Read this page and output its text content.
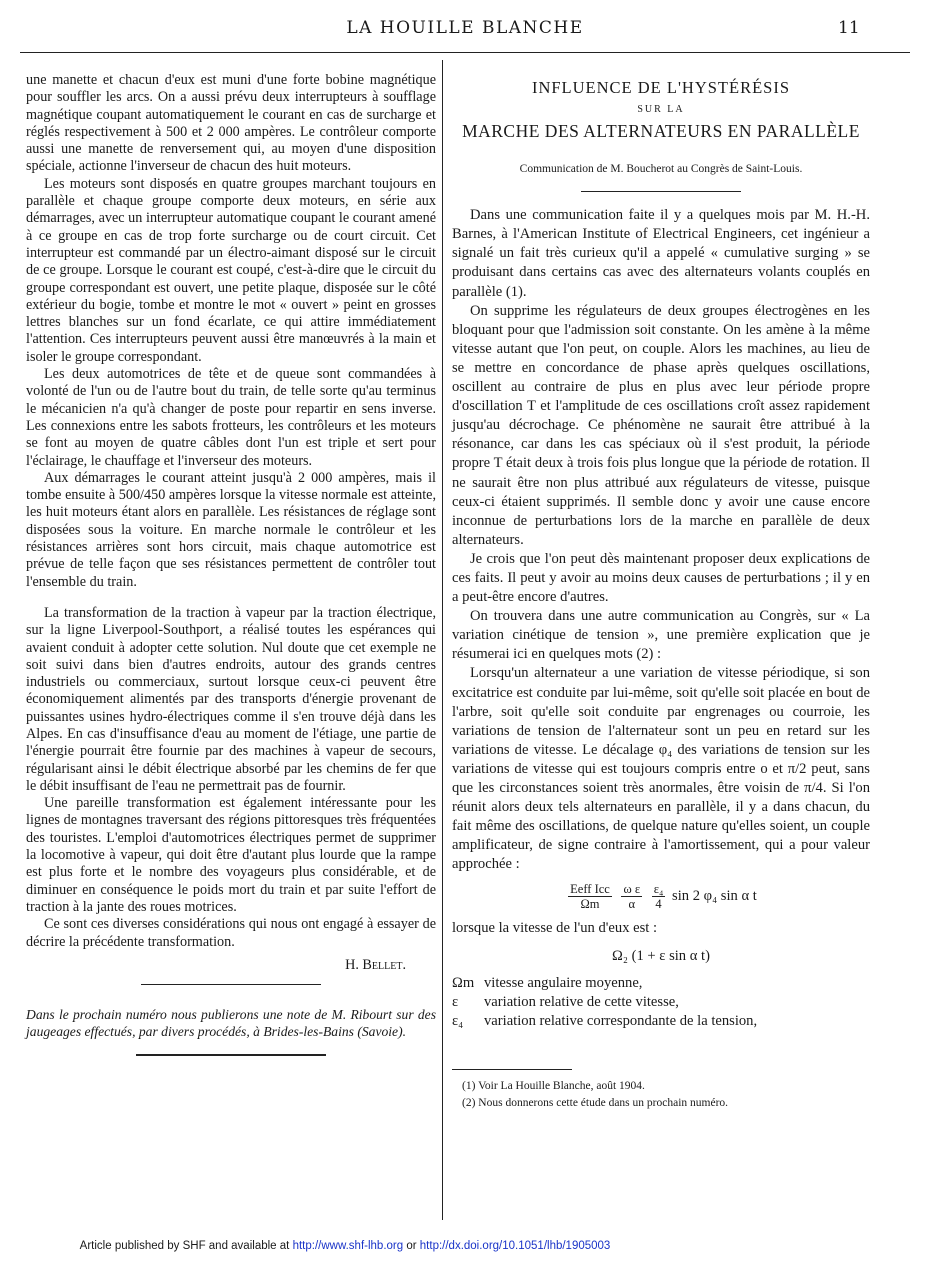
LA HOUILLE BLANCHE	11

une manette et chacun d'eux est muni d'une forte bobine magnétique pour souffler les arcs. On a aussi prévu deux interrupteurs à soufflage magnétique coupant automatiquement le courant en cas de surcharge et réglés respectivement à 500 et 2 000 ampères. Le contrôleur comporte aussi une manette de renversement qui, au moyen d'une disposition spéciale, actionne l'inverseur de chacun des huit moteurs.

Les moteurs sont disposés en quatre groupes marchant toujours en parallèle et chaque groupe comporte deux moteurs, en série aux démarrages, avec un interrupteur automatique coupant le courant amené à ce groupe en cas de trop forte surcharge ou de court circuit. Cet interrupteur est commandé par un électro-aimant disposé sur le circuit de ce groupe. Lorsque le courant est coupé, c'est-à-dire que le circuit du groupe correspondant est ouvert, une petite plaque, disposée sur le côté extérieur du bogie, tombe et montre le mot « ouvert » peint en grosses lettres blanches sur un fond écarlate, ce qui attire immédiatement l'attention. Ces interrupteurs peuvent aussi être manœuvrés à la main et isoler le groupe correspondant.

Les deux automotrices de tête et de queue sont commandées à volonté de l'un ou de l'autre bout du train, de telle sorte qu'au terminus le mécanicien n'a qu'à changer de poste pour repartir en sens inverse. Les connexions entre les sabots frotteurs, les contrôleurs et les moteurs se font au moyen de quatre câbles dont l'un est triple et sert pour l'éclairage, le chauffage et l'inverseur des moteurs.

Aux démarrages le courant atteint jusqu'à 2 000 ampères, mais il tombe ensuite à 500/450 ampères lorsque la vitesse normale est atteinte, les huit moteurs étant alors en parallèle. Les résistances de réglage sont disposées sous la voiture. En marche normale le contrôleur et les résistances arrières sont hors circuit, mais chaque automotrice est prévue de telle façon que ses résistances permettent de contrôler tout l'ensemble du train.

La transformation de la traction à vapeur par la traction électrique, sur la ligne Liverpool-Southport, a réalisé toutes les espérances qui avaient conduit à adopter cette solution. Nul doute que cet exemple ne soit suivi dans bien d'autres endroits, autour des grands centres industriels ou commerciaux, surtout lorsque ceux-ci peuvent être économiquement alimentés par des transports d'énergie provenant de puissantes usines hydro-électriques comme il s'en trouve déjà dans les Alpes. En cas d'insuffisance d'eau au moment de l'étiage, une partie de l'énergie pourrait être fournie par des machines à vapeur de secours, régularisant ainsi le débit électrique absorbé par les chemins de fer que le débit insuffisant de l'eau ne permettrait pas de fournir.

Une pareille transformation est également intéressante pour les lignes de montagnes traversant des régions pittoresques très fréquentées des touristes. L'emploi d'automotrices électriques permet de supprimer la locomotive à vapeur, qui doit être d'autant plus lourde que la rampe est plus forte et le nombre des voyageurs plus considérable, et de diminuer en conséquence le poids mort du train et par suite l'effort de traction à la jante des roues motrices.

Ce sont ces diverses considérations qui nous ont engagé à essayer de décrire la précédente transformation.

H. Bellet.
Dans le prochain numéro nous publierons une note de M. Ribourt sur des jaugeages effectués, par divers procédés, à Brides-les-Bains (Savoie).
INFLUENCE DE L'HYSTÉRÉSIS
SUR LA
MARCHE DES ALTERNATEURS EN PARALLÈLE
Communication de M. Boucherot au Congrès de Saint-Louis.

Dans une communication faite il y a quelques mois par M. H.-H. Barnes, à l'American Institute of Electrical Engineers, cet ingénieur a signalé un fait très curieux qu'il a appelé « cumulative surging » se produisant dans certains cas avec des alternateurs volants couplés en parallèle (1).

On supprime les régulateurs de deux groupes électrogènes en les bloquant pour que l'admission soit constante. On les amène à la même vitesse autant que l'on peut, on couple. Alors les machines, au lieu de se mettre en concordance de phase après quelques oscillations, oscillent au contraire de plus en plus avec leur période propre d'oscillation T et l'amplitude de ces oscillations croît assez rapidement jusqu'au décrochage. Ce phénomène ne saurait être attribué à la résonance, car dans les cas spéciaux où il s'est produit, la période propre T était deux à trois fois plus longue que la période de rotation. Il ne saurait être non plus attribué aux régulateurs de vitesse, puisque ceux-ci étaient supprimés. Il semble donc y avoir une cause encore inconnue de perturbations lors de la marche en parallèle de deux alternateurs.

Je crois que l'on peut dès maintenant proposer deux explications de ces faits. Il peut y avoir au moins deux causes de perturbations ; il y en a peut-être encore d'autres.

On trouvera dans une autre communication au Congrès, sur « La variation cinétique de tension », une première explication que je résumerai ici en quelques mots (2) :

Lorsqu'un alternateur a une variation de vitesse périodique, si son excitatrice est conduite par lui-même, soit qu'elle soit placée en bout de l'arbre, soit qu'elle soit conduite par engrenages ou courroie, les variations de tension de l'alternateur sont un peu en retard sur les variations de vitesse. Le décalage φ₄ des variations de tension sur les variations de vitesse qui est toujours compris entre o et π/2 peut, sans que les circonstances soient très anormales, être voisin de π/4. Si l'on réunit alors deux tels alternateurs en parallèle, il y a dans chacun, du fait même des oscillations, de quelque nature qu'elles soient, un couple amplificateur, de signe contraire à l'amortissement, qui a pour valeur approchée :

$\frac{\text{Eeff Icc}}{\Omega m}$
$\frac{\text{ω ε}}{\alpha}$
$\frac{\text{ε₄}}{4}$ sin 2 φ₄ sin α t

lorsque la vitesse de l'un d'eux est :

Ω₂ (1 + ε sin α t)
Ωm vitesse angulaire moyenne,
ε	variation relative de cette vitesse,
ε₄	variation relative correspondante de la tension,
(1) Voir La Houille Blanche, août 1904.
(2) Nous donnerons cette étude dans un prochain numéro.
Article published by SHF and available at http://www.shf-lhb.org or http://dx.doi.org/10.1051/lhb/1905003
